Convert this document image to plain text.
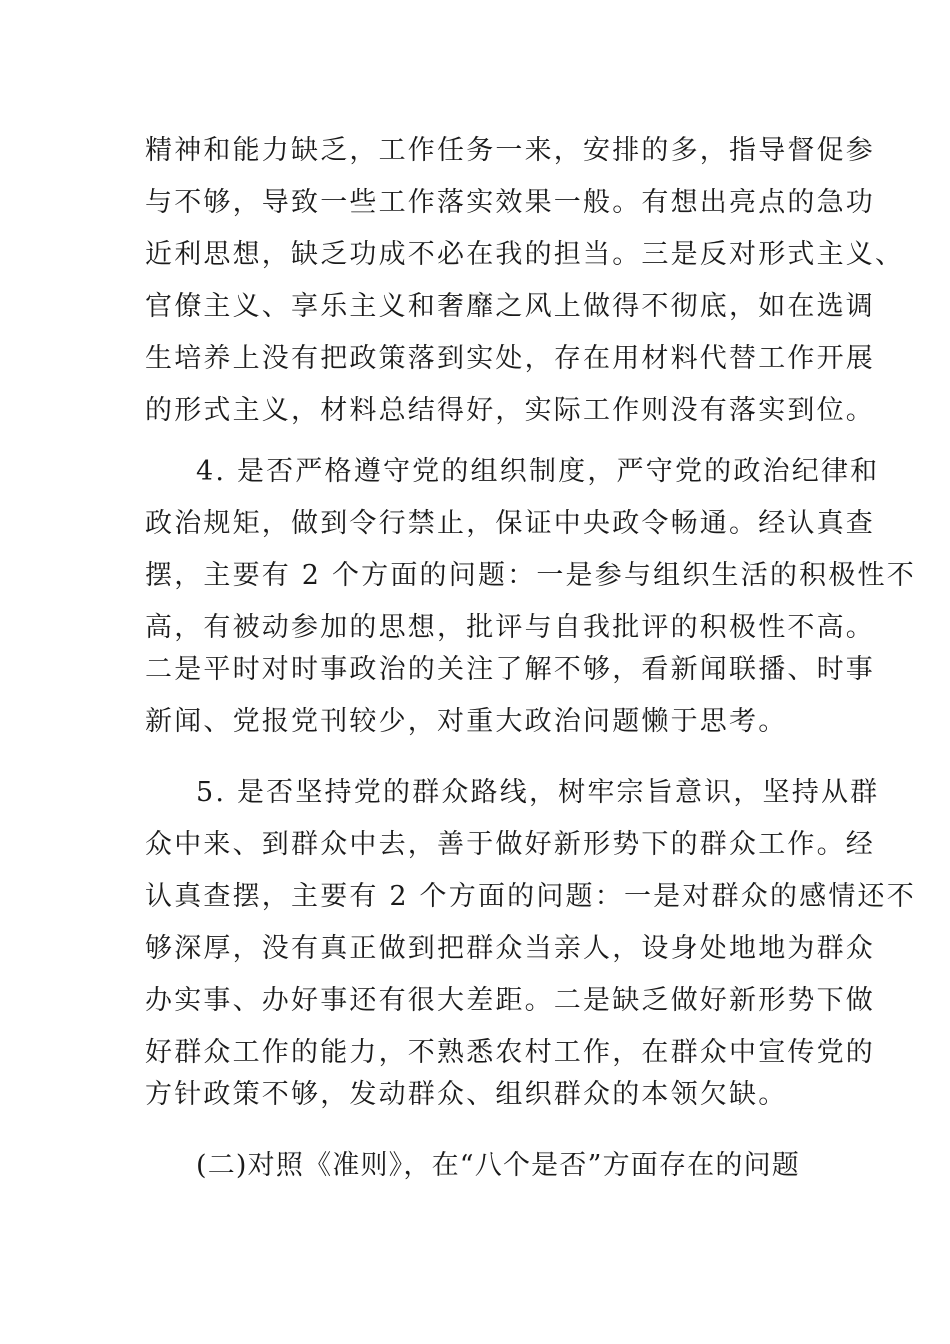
精神和能力缺乏，工作任务一来，安排的多，指导督促参
与不够，导致一些工作落实效果一般。有想出亮点的急功
近利思想，缺乏功成不必在我的担当。三是反对形式主义、
官僚主义、享乐主义和奢靡之风上做得不彻底，如在选调
生培养上没有把政策落到实处，存在用材料代替工作开展
的形式主义，材料总结得好，实际工作则没有落实到位。
4. 是否严格遵守党的组织制度，严守党的政治纪律和
政治规矩，做到令行禁止，保证中央政令畅通。经认真查
摆，主要有 2 个方面的问题：一是参与组织生活的积极性不
高，有被动参加的思想，批评与自我批评的积极性不高。
二是平时对时事政治的关注了解不够，看新闻联播、时事
新闻、党报党刊较少，对重大政治问题懒于思考。
5. 是否坚持党的群众路线，树牢宗旨意识，坚持从群
众中来、到群众中去，善于做好新形势下的群众工作。经
认真查摆，主要有 2 个方面的问题：一是对群众的感情还不
够深厚，没有真正做到把群众当亲人，设身处地地为群众
办实事、办好事还有很大差距。二是缺乏做好新形势下做
好群众工作的能力，不熟悉农村工作，在群众中宣传党的
方针政策不够，发动群众、组织群众的本领欠缺。
(二)对照《准则》，在“八个是否”方面存在的问题
